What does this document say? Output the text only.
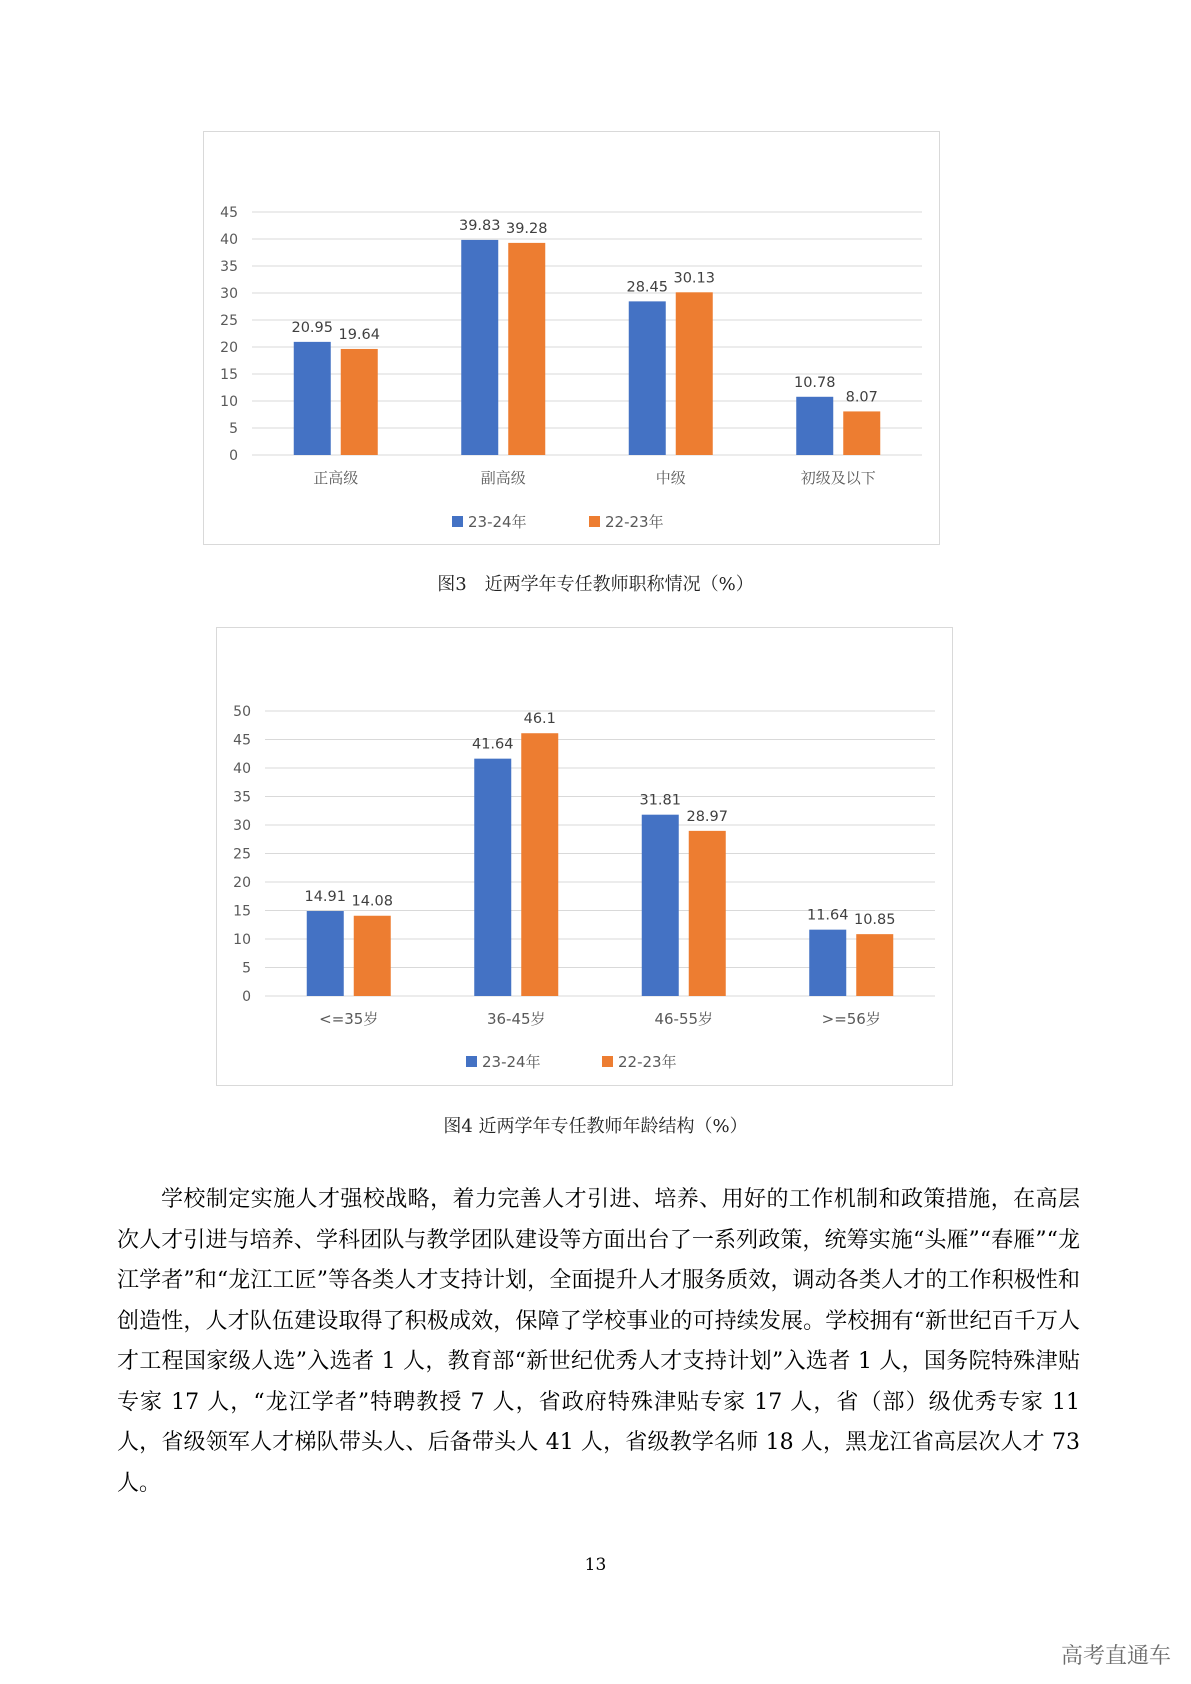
0
5
10
15
20
25
30
35
40
45
20.95 19.64
正高级
39.83 39.28
副高级
28.45
30.13
中级
10.78
8.07
初级及以下
23-24年	22-23年
图3　近两学年专任教师职称情况（%）
0
5
10
15
20
25
30
35
40
45
50
14.91 14.08
<=35岁
41.64
46.1
36-45岁
31.81
28.97
46-55岁
11.64 10.85
>=56岁
23-24年	22-23年
图4 近两学年专任教师年龄结构（%）
学校制定实施人才强校战略，着力完善人才引进、培养、用好的工作机制和政策措施，在高层次人才引进与培养、学科团队与教学团队建设等方面出台了一系列政策，统筹实施“头雁”“春雁”“龙江学者”和“龙江工匠”等各类人才支持计划，全面提升人才服务质效，调动各类人才的工作积极性和创造性，人才队伍建设取得了积极成效，保障了学校事业的可持续发展。学校拥有“新世纪百千万人才工程国家级人选”入选者 1 人，教育部“新世纪优秀人才支持计划”入选者 1 人，国务院特殊津贴专家 17 人，“龙江学者”特聘教授 7 人，省政府特殊津贴专家 17 人，省（部）级优秀专家 11 人，省级领军人才梯队带头人、后备带头人 41 人，省级教学名师 18 人，黑龙江省高层次人才 73 人。
13
高考直通车
